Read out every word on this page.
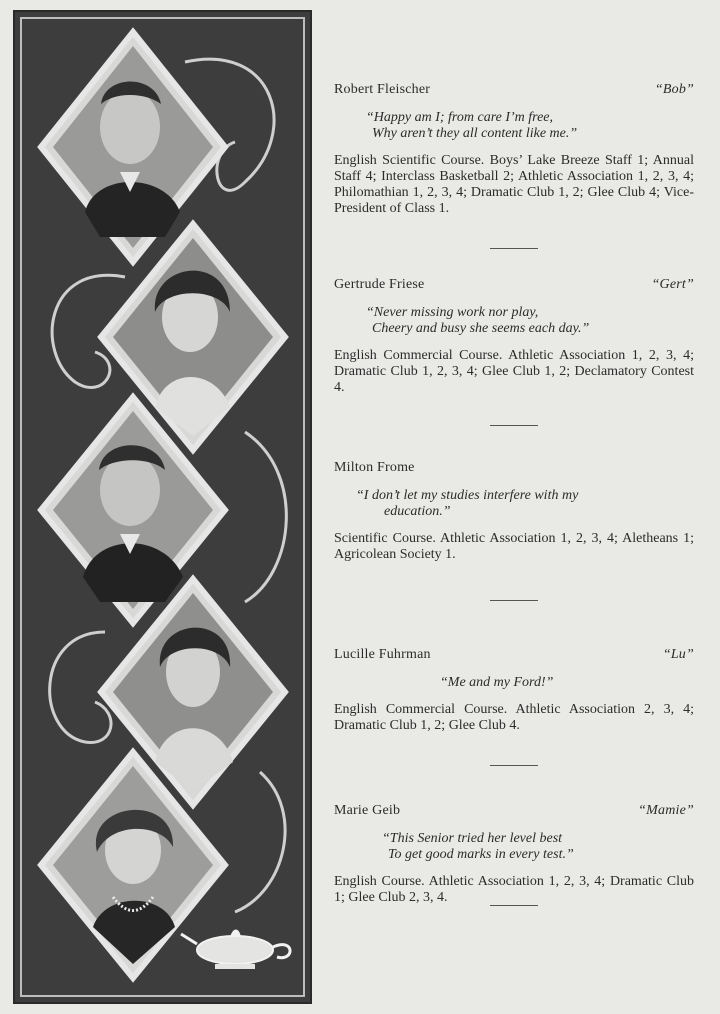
Robert Fleischer	“Bob”
“Happy am I; from care I’m free,
Why aren’t they all content like me.”
English Scientific Course. Boys’ Lake Breeze Staff 1; Annual Staff 4; Interclass Basketball 2; Athletic Association 1, 2, 3, 4; Philomathian 1, 2, 3, 4; Dramatic Club 1, 2; Glee Club 4; Vice-President of Class 1.
Gertrude Friese	“Gert”
“Never missing work nor play,
Cheery and busy she seems each day.”
English Commercial Course. Athletic Association 1, 2, 3, 4; Dramatic Club 1, 2, 3, 4; Glee Club 1, 2; Declamatory Contest 4.
Milton Frome
“I don’t let my studies interfere with my
education.”
Scientific Course. Athletic Association 1, 2, 3, 4; Aletheans 1; Agricolean Society 1.
Lucille Fuhrman	“Lu”
“Me and my Ford!”
English Commercial Course. Athletic Association 2, 3, 4; Dramatic Club 1, 2; Glee Club 4.
Marie Geib	“Mamie”
“This Senior tried her level best
To get good marks in every test.”
English Course. Athletic Association 1, 2, 3, 4; Dramatic Club 1; Glee Club 2, 3, 4.
